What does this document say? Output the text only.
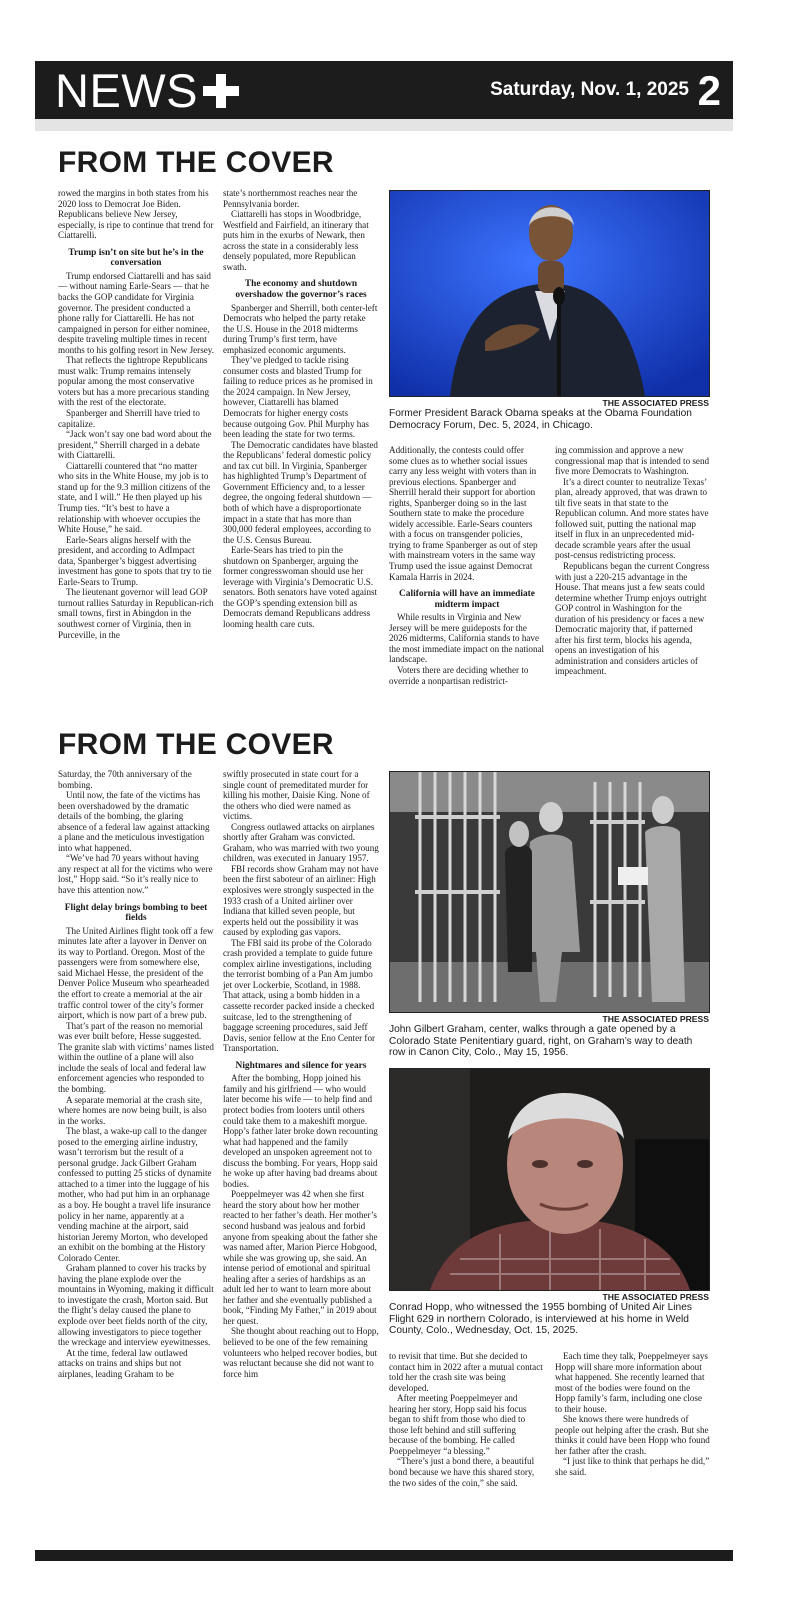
NEWS	Saturday, Nov. 1, 2025 2
FROM THE COVER

rowed the margins in both states from his 2020 loss to Democrat Joe Biden. Republicans believe New Jersey, especially, is ripe to continue that trend for Ciattarelli.

Trump isn’t on site but he’s in the conversation

Trump endorsed Ciattarelli and has said — without naming Earle-Sears — that he backs the GOP candidate for Virginia governor. The president conducted a phone rally for Ciattarelli. He has not campaigned in person for either nominee, despite traveling multiple times in recent months to his golfing resort in New Jersey.

That reflects the tightrope Republicans must walk: Trump remains intensely popular among the most conservative voters but has a more precarious standing with the rest of the electorate.

Spanberger and Sherrill have tried to capitalize.

“Jack won’t say one bad word about the president,” Sherrill charged in a debate with Ciattarelli.

Ciattarelli countered that “no matter who sits in the White House, my job is to stand up for the 9.3 million citizens of the state, and I will.” He then played up his Trump ties. “It’s best to have a relationship with whoever occupies the White House,” he said.

Earle-Sears aligns herself with the president, and according to AdImpact data, Spanberger’s biggest advertising investment has gone to spots that try to tie Earle-Sears to Trump.

The lieutenant governor will lead GOP turnout rallies Saturday in Republican-rich small towns, first in Abingdon in the southwest corner of Virginia, then in Purceville, in the

state’s northernmost reaches near the Pennsylvania border.

Ciattarelli has stops in Woodbridge, Westfield and Fairfield, an itinerary that puts him in the exurbs of Newark, then across the state in a considerably less densely populated, more Republican swath.

The economy and shutdown overshadow the governor’s races

Spanberger and Sherrill, both center-left Democrats who helped the party retake the U.S. House in the 2018 midterms during Trump’s first term, have emphasized economic arguments.

They’ve pledged to tackle rising consumer costs and blasted Trump for failing to reduce prices as he promised in the 2024 campaign. In New Jersey, however, Ciattarelli has blamed Democrats for higher energy costs because outgoing Gov. Phil Murphy has been leading the state for two terms.

The Democratic candidates have blasted the Republicans’ federal domestic policy and tax cut bill. In Virginia, Spanberger has highlighted Trump’s Department of Government Efficiency and, to a lesser degree, the ongoing federal shutdown — both of which have a disproportionate impact in a state that has more than 300,000 federal employees, according to the U.S. Census Bureau.

Earle-Sears has tried to pin the shutdown on Spanberger, arguing the former congresswoman should use her leverage with Virginia’s Democratic U.S. senators. Both senators have voted against the GOP’s spending extension bill as Democrats demand Republicans address looming health care cuts.

THE ASSOCIATED PRESS
Former President Barack Obama speaks at the Obama Foundation Democracy Forum, Dec. 5, 2024, in Chicago.

Additionally, the contests could offer some clues as to whether social issues carry any less weight with voters than in previous elections. Spanberger and Sherrill herald their support for abortion rights, Spanberger doing so in the last Southern state to make the procedure widely accessible. Earle-Sears counters with a focus on transgender policies, trying to frame Spanberger as out of step with mainstream voters in the same way Trump used the issue against Democrat Kamala Harris in 2024.

California will have an immediate midterm impact

While results in Virginia and New Jersey will be mere guideposts for the 2026 midterms, California stands to have the most immediate impact on the national landscape.

Voters there are deciding whether to override a nonpartisan redistrict-

ing commission and approve a new congressional map that is intended to send five more Democrats to Washington.

It’s a direct counter to neutralize Texas’ plan, already approved, that was drawn to tilt five seats in that state to the Republican column. And more states have followed suit, putting the national map itself in flux in an unprecedented mid-decade scramble years after the usual post-census redistricting process.

Republicans began the current Congress with just a 220-215 advantage in the House. That means just a few seats could determine whether Trump enjoys outright GOP control in Washington for the duration of his presidency or faces a new Democratic majority that, if patterned after his first term, blocks his agenda, opens an investigation of his administration and considers articles of impeachment.

FROM THE COVER

Saturday, the 70th anniversary of the bombing.

Until now, the fate of the victims has been overshadowed by the dramatic details of the bombing, the glaring absence of a federal law against attacking a plane and the meticulous investigation into what happened.

“We’ve had 70 years without having any respect at all for the victims who were lost,” Hopp said. “So it’s really nice to have this attention now.”

Flight delay brings bombing to beet fields

The United Airlines flight took off a few minutes late after a layover in Denver on its way to Portland. Oregon. Most of the passengers were from somewhere else, said Michael Hesse, the president of the Denver Police Museum who spearheaded the effort to create a memorial at the air traffic control tower of the city’s former airport, which is now part of a brew pub.

That’s part of the reason no memorial was ever built before, Hesse suggested. The granite slab with victims’ names listed within the outline of a plane will also include the seals of local and federal law enforcement agencies who responded to the bombing.

A separate memorial at the crash site, where homes are now being built, is also in the works.

The blast, a wake-up call to the danger posed to the emerging airline industry, wasn’t terrorism but the result of a personal grudge. Jack Gilbert Graham confessed to putting 25 sticks of dynamite attached to a timer into the luggage of his mother, who had put him in an orphanage as a boy. He bought a travel life insurance policy in her name, apparently at a vending machine at the airport, said historian Jeremy Morton, who developed an exhibit on the bombing at the History Colorado Center.

Graham planned to cover his tracks by having the plane explode over the mountains in Wyoming, making it difficult to investigate the crash, Morton said. But the flight’s delay caused the plane to explode over beet fields north of the city, allowing investigators to piece together the wreckage and interview eyewitnesses.

At the time, federal law outlawed attacks on trains and ships but not airplanes, leading Graham to be

swiftly prosecuted in state court for a single count of premeditated murder for killing his mother, Daisie King. None of the others who died were named as victims.

Congress outlawed attacks on airplanes shortly after Graham was convicted. Graham, who was married with two young children, was executed in January 1957.

FBI records show Graham may not have been the first saboteur of an airliner: High explosives were strongly suspected in the 1933 crash of a United airliner over Indiana that killed seven people, but experts held out the possibility it was caused by exploding gas vapors.

The FBI said its probe of the Colorado crash provided a template to guide future complex airline investigations, including the terrorist bombing of a Pan Am jumbo jet over Lockerbie, Scotland, in 1988. That attack, using a bomb hidden in a cassette recorder packed inside a checked suitcase, led to the strengthening of baggage screening procedures, said Jeff Davis, senior fellow at the Eno Center for Transportation.

Nightmares and silence for years

After the bombing, Hopp joined his family and his girlfriend — who would later become his wife — to help find and protect bodies from looters until others could take them to a makeshift morgue. Hopp’s father later broke down recounting what had happened and the family developed an unspoken agreement not to discuss the bombing. For years, Hopp said he woke up after having bad dreams about bodies.

Poeppelmeyer was 42 when she first heard the story about how her mother reacted to her father’s death. Her mother’s second husband was jealous and forbid anyone from speaking about the father she was named after, Marion Pierce Hobgood, while she was growing up, she said. An intense period of emotional and spiritual healing after a series of hardships as an adult led her to want to learn more about her father and she eventually published a book, “Finding My Father,” in 2019 about her quest.

She thought about reaching out to Hopp, believed to be one of the few remaining volunteers who helped recover bodies, but was reluctant because she did not want to force him

THE ASSOCIATED PRESS
John Gilbert Graham, center, walks through a gate opened by a Colorado State Penitentiary guard, right, on Graham’s way to death row in Canon City, Colo., May 15, 1956.
THE ASSOCIATED PRESS
Conrad Hopp, who witnessed the 1955 bombing of United Air Lines Flight 629 in northern Colorado, is interviewed at his home in Weld County, Colo., Wednesday, Oct. 15, 2025.

to revisit that time. But she decided to contact him in 2022 after a mutual contact told her the crash site was being developed.

After meeting Poeppelmeyer and hearing her story, Hopp said his focus began to shift from those who died to those left behind and still suffering because of the bombing. He called Poeppelmeyer “a blessing.”

“There’s just a bond there, a beautiful bond because we have this shared story, the two sides of the coin,” she said.

Each time they talk, Poeppelmeyer says Hopp will share more information about what happened. She recently learned that most of the bodies were found on the Hopp family’s farm, including one close to their house.

She knows there were hundreds of people out helping after the crash. But she thinks it could have been Hopp who found her father after the crash.

“I just like to think that perhaps he did,” she said.
